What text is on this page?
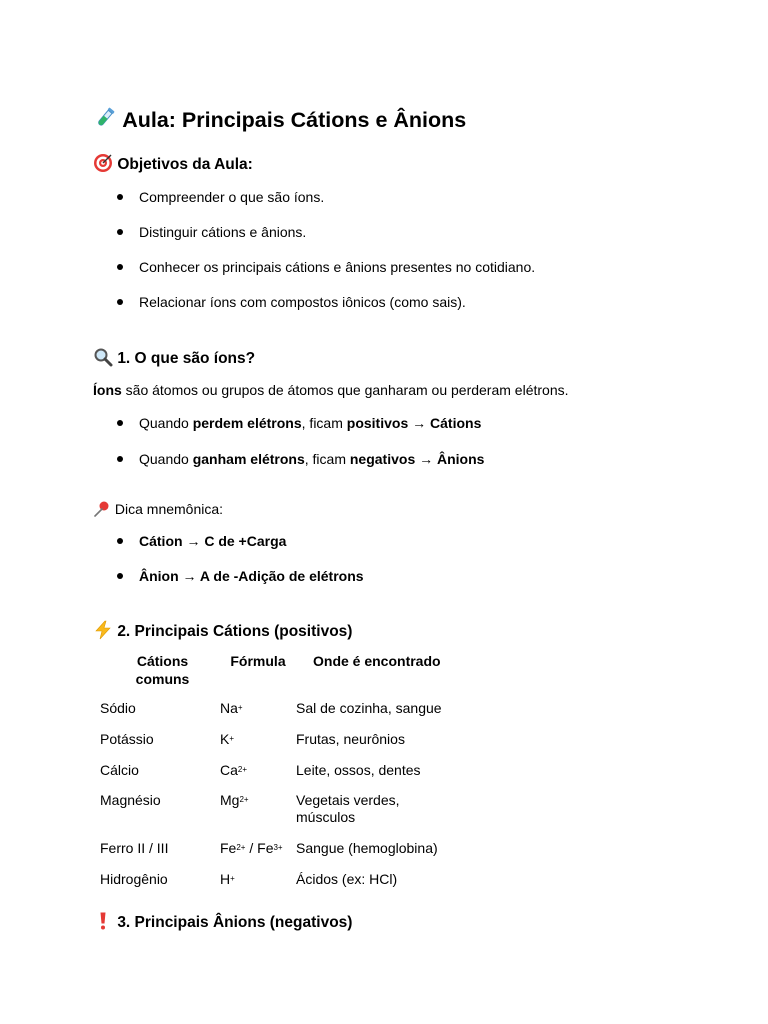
Aula: Principais Cátions e Ânions
Objetivos da Aula:
Compreender o que são íons.
Distinguir cátions e ânions.
Conhecer os principais cátions e ânions presentes no cotidiano.
Relacionar íons com compostos iônicos (como sais).
1. O que são íons?

Íons são átomos ou grupos de átomos que ganharam ou perderam elétrons.

Quando perdem elétrons, ficam positivos → Cátions
Quando ganham elétrons, ficam negativos → Ânions

Dica mnemônica:

Cátion → C de +Carga
Ânion → A de -Adição de elétrons
2. Principais Cátions (positivos)
Cátions comuns	Fórmula	Onde é encontrado
Sódio	Na+	Sal de cozinha, sangue
Potássio	K+	Frutas, neurônios
Cálcio	$Ca^{2+}$	Leite, ossos, dentes
Magnésio	$Mg^{2+}$	Vegetais verdes, músculos

Ferro II / III	$Fe^{2+} / Fe^{3+}$	Sangue (hemoglobina)
Hidrogênio	H+	Ácidos (ex: HCl)
3. Principais Ânions (negativos)
